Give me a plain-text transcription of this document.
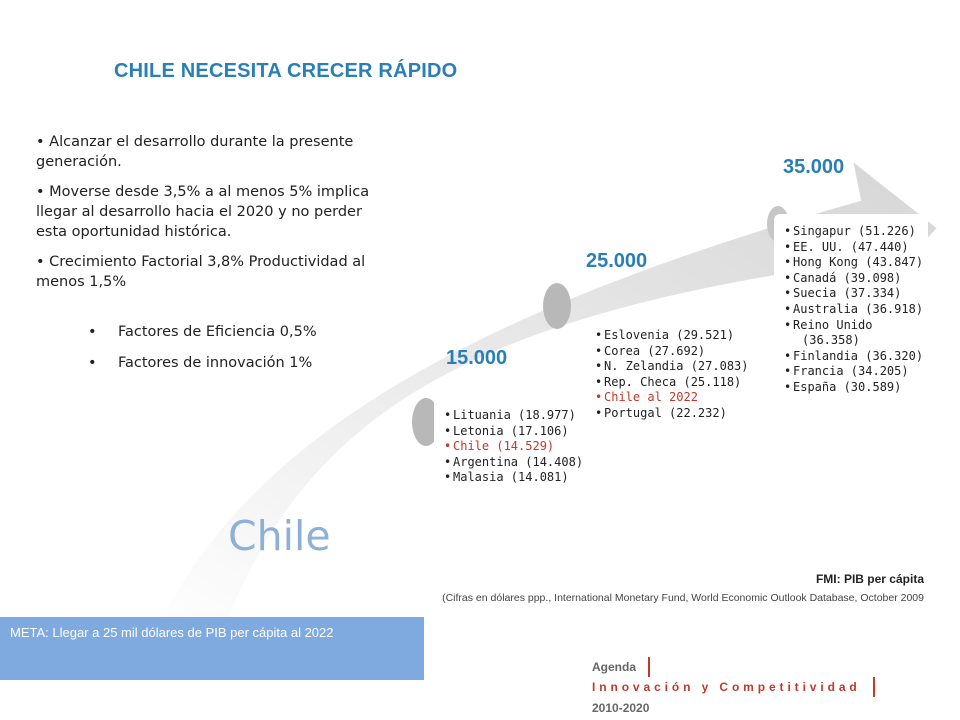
CHILE NECESITA CRECER RÁPIDO

• Alcanzar el desarrollo durante la presente generación.

• Moverse desde 3,5% a al menos 5% implica llegar al desarrollo hacia el 2020 y no perder esta oportunidad histórica.

• Crecimiento Factorial 3,8% Productividad al menos 1,5%

• Factores de Eficiencia 0,5%
• Factores de innovación 1%	15.000
25.000
35.000
• Lituania (18.977)
• Letonia (17.106)
• Chile (14.529)
• Argentina (14.408)
• Malasia (14.081)
• Eslovenia (29.521)
• Corea (27.692)
• N. Zelandia (27.083)
• Rep. Checa (25.118)
• Chile al 2022
• Portugal (22.232)
• Singapur (51.226)
• EE. UU. (47.440)
• Hong Kong (43.847)
• Canadá (39.098)
• Suecia (37.334)
• Australia (36.918)
• Reino Unido
(36.358)
• Finlandia (36.320)
• Francia (34.205)
• España (30.589)
Chile
FMI: PIB per cápita
(Cifras en dólares ppp., International Monetary Fund, World Economic Outlook Database, October 2009
META: Llegar a 25 mil dólares de PIB per cápita al 2022
Agenda  Innovación y Competitividad  2010-2020
